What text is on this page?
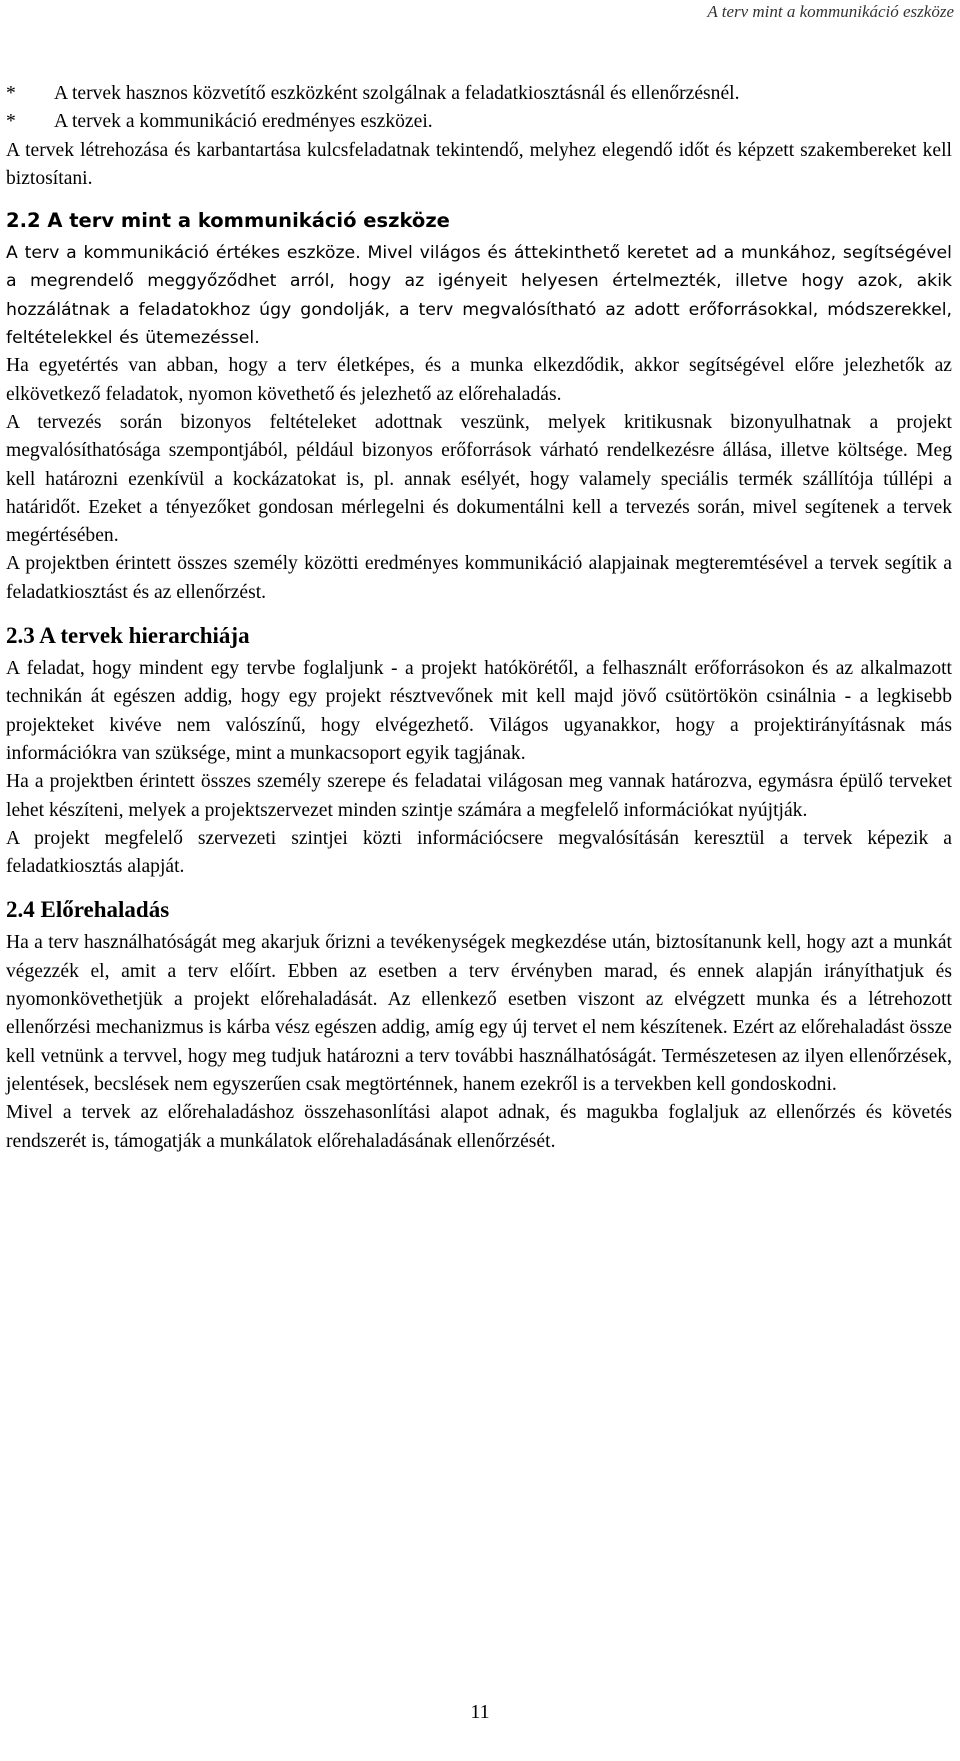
A terv mint a kommunikáció eszköze

* A tervek hasznos közvetítő eszközként szolgálnak a feladatkiosztásnál és ellenőrzésnél.

* A tervek a kommunikáció eredményes eszközei.

A tervek létrehozása és karbantartása kulcsfeladatnak tekintendő, melyhez elegendő időt és képzett szakembereket kell biztosítani.

2.2 A terv mint a kommunikáció eszköze

A terv a kommunikáció értékes eszköze. Mivel világos és áttekinthető keretet ad a munkához, segítségével a megrendelő meggyőződhet arról, hogy az igényeit helyesen értelmezték, illetve hogy azok, akik hozzálátnak a feladatokhoz úgy gondolják, a terv megvalósítható az adott erőforrásokkal, módszerekkel, feltételekkel és ütemezéssel.

Ha egyetértés van abban, hogy a terv életképes, és a munka elkezdődik, akkor segítségével előre jelezhetők az elkövetkező feladatok, nyomon követhető és jelezhető az előrehaladás.

A tervezés során bizonyos feltételeket adottnak veszünk, melyek kritikusnak bizonyulhatnak a projekt megvalósíthatósága szempontjából, például bizonyos erőforrások várható rendelkezésre állása, illetve költsége. Meg kell határozni ezenkívül a kockázatokat is, pl. annak esélyét, hogy valamely speciális termék szállítója túllépi a határidőt. Ezeket a tényezőket gondosan mérlegelni és dokumentálni kell a tervezés során, mivel segítenek a tervek megértésében.

A projektben érintett összes személy közötti eredményes kommunikáció alapjainak megteremtésével a tervek segítik a feladatkiosztást és az ellenőrzést.

2.3 A tervek hierarchiája

A feladat, hogy mindent egy tervbe foglaljunk - a projekt hatókörétől, a felhasznált erőforrásokon és az alkalmazott technikán át egészen addig, hogy egy projekt résztvevőnek mit kell majd jövő csütörtökön csinálnia - a legkisebb projekteket kivéve nem valószínű, hogy elvégezhető. Világos ugyanakkor, hogy a projektirányításnak más információkra van szüksége, mint a munkacsoport egyik tagjának.

Ha a projektben érintett összes személy szerepe és feladatai világosan meg vannak határozva, egymásra épülő terveket lehet készíteni, melyek a projektszervezet minden szintje számára a megfelelő információkat nyújtják.

A projekt megfelelő szervezeti szintjei közti információcsere megvalósításán keresztül a tervek képezik a feladatkiosztás alapját.

2.4 Előrehaladás

Ha a terv használhatóságát meg akarjuk őrizni a tevékenységek megkezdése után, biztosítanunk kell, hogy azt a munkát végezzék el, amit a terv előírt. Ebben az esetben a terv érvényben marad, és ennek alapján irányíthatjuk és nyomonkövethetjük a projekt előrehaladását. Az ellenkező esetben viszont az elvégzett munka és a létrehozott ellenőrzési mechanizmus is kárba vész egészen addig, amíg egy új tervet el nem készítenek. Ezért az előrehaladást össze kell vetnünk a tervvel, hogy meg tudjuk határozni a terv további használhatóságát. Természetesen az ilyen ellenőrzések, jelentések, becslések nem egyszerűen csak megtörténnek, hanem ezekről is a tervekben kell gondoskodni.

Mivel a tervek az előrehaladáshoz összehasonlítási alapot adnak, és magukba foglaljuk az ellenőrzés és követés rendszerét is, támogatják a munkálatok előrehaladásának ellenőrzését.

11
